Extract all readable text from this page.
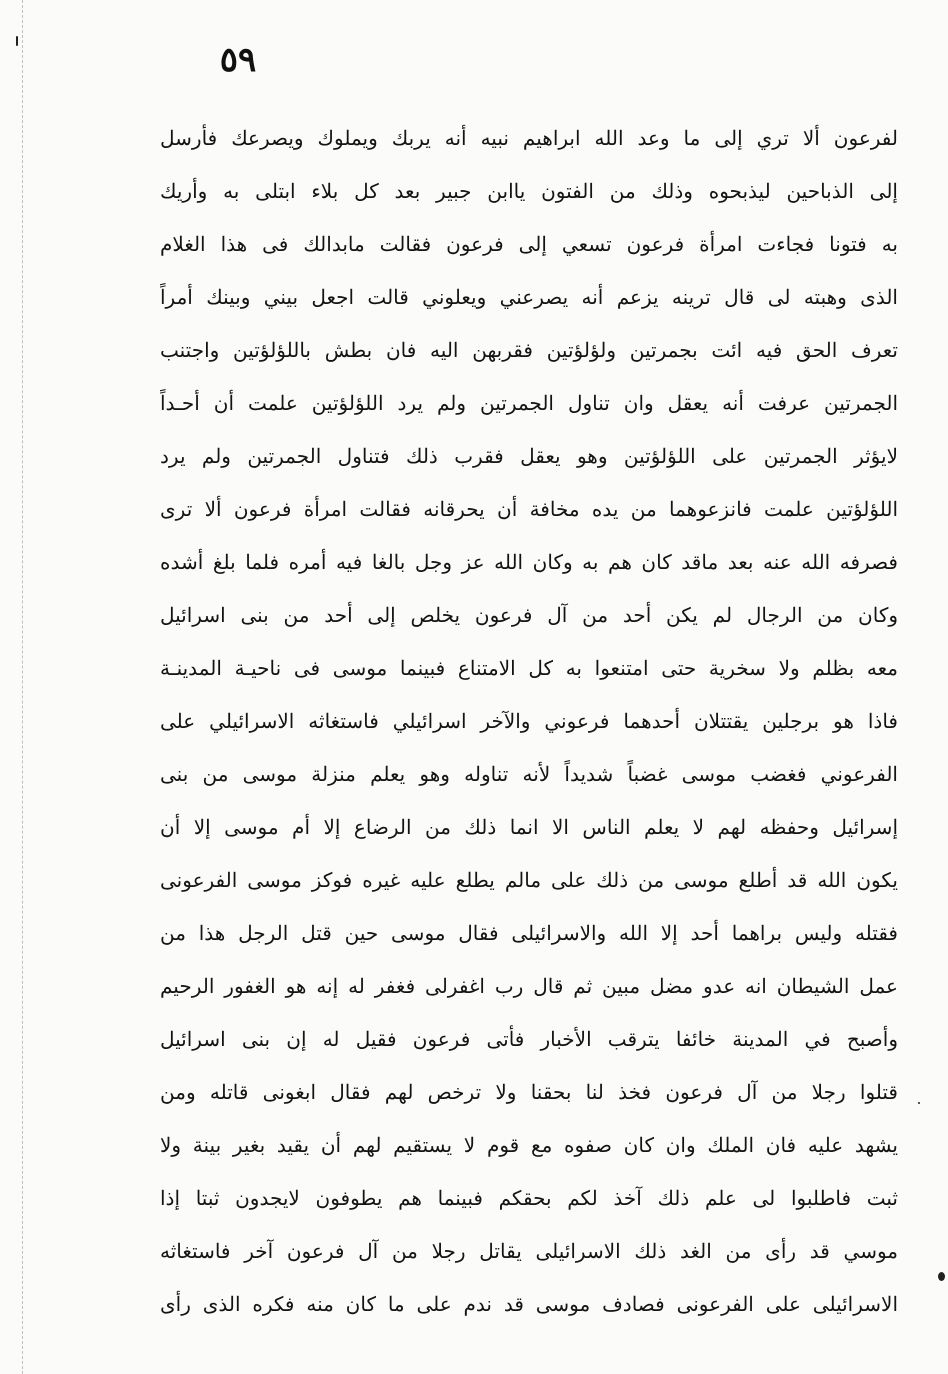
٥٩
لفرعون ألا تري إلى ما وعد الله ابراهيم نبيه أنه يربك ويملوك ويصرعك فأرسل
إلى الذباحين ليذبحوه وذلك من الفتون ياابن جبير بعد كل بلاء ابتلى به وأريك
به فتونا فجاءت امرأة فرعون تسعي إلى فرعون فقالت مابدالك فى هذا الغلام
الذى وهبته لى قال ترينه يزعم أنه يصرعني ويعلوني قالت اجعل بيني وبينك أمراً
تعرف الحق فيه ائت بجمرتين ولؤلؤتين فقربهن اليه فان بطش باللؤلؤتين واجتنب
الجمرتين عرفت أنه يعقل وان تناول الجمرتين ولم يرد اللؤلؤتين علمت أن أحـداً
لايؤثر الجمرتين على اللؤلؤتين وهو يعقل فقرب ذلك فتناول الجمرتين ولم يرد
اللؤلؤتين علمت فانزعوهما من يده مخافة أن يحرقانه فقالت امرأة فرعون ألا ترى
فصرفه الله عنه بعد ماقد كان هم به وكان الله عز وجل بالغا فيه أمره فلما بلغ أشده
وكان من الرجال لم يكن أحد من آل فرعون يخلص إلى أحد من بنى اسرائيل
معه بظلم ولا سخرية حتى امتنعوا به كل الامتناع فبينما موسى فى ناحيـة المدينـة
فاذا هو برجلين يقتتلان أحدهما فرعوني والآخر اسرائيلي فاستغاثه الاسرائيلي على
الفرعوني فغضب موسى غضباً شديداً لأنه تناوله وهو يعلم منزلة موسى من بنى
إسرائيل وحفظه لهم لا يعلم الناس الا انما ذلك من الرضاع إلا أم موسى إلا أن
يكون الله قد أطلع موسى من ذلك على مالم يطلع عليه غيره فوكز موسى الفرعونى
فقتله وليس براهما أحد إلا الله والاسرائيلى فقال موسى حين قتل الرجل هذا من
عمل الشيطان انه عدو مضل مبين ثم قال رب اغفرلى فغفر له إنه هو الغفور الرحيم
وأصبح في المدينة خائفا يترقب الأخبار فأتى فرعون فقيل له إن بنى اسرائيل
قتلوا رجلا من آل فرعون فخذ لنا بحقنا ولا ترخص لهم فقال ابغونى قاتله ومن
يشهد عليه فان الملك وان كان صفوه مع قوم لا يستقيم لهم أن يقيد بغير بينة ولا
ثبت فاطلبوا لى علم ذلك آخذ لكم بحقكم فبينما هم يطوفون لايجدون ثبتا إذا
موسي قد رأى من الغد ذلك الاسرائيلى يقاتل رجلا من آل فرعون آخر فاستغاثه
الاسرائيلى على الفرعونى فصادف موسى قد ندم على ما كان منه فكره الذى رأى
